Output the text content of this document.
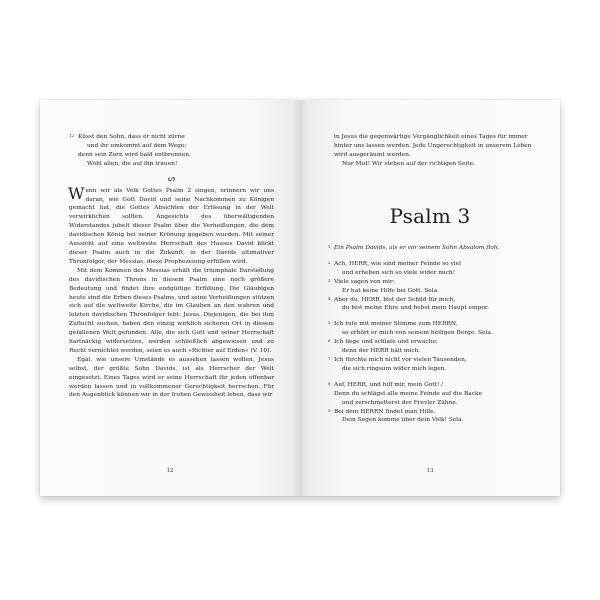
12 Küsst den Sohn, dass er nicht zürne
und ihr umkommt auf dem Wege;
denn sein Zorn wird bald entbrennen.
Wohl allen, die auf ihn trauen!
ᔕ

Wenn wir als Volk Gottes Psalm 2 singen, erinnern wir uns daran, wie Gott David und seine Nachkommen zu Königen gemacht hat, die Gottes Absichten der Erlösung in der Welt verwirklichen sollten. Angesichts des überwältigenden Widerstandes jubelt dieser Psalm über die Verheißungen, die dem davidischen König bei seiner Krönung gegeben wurden. Mit seiner Aussicht auf eine weltweite Herrschaft des Hauses David blickt dieser Psalm auch in die Zukunft, in der Davids ultimativer Thronfolger, der Messias, diese Prophezeiung erfüllen wird.

Mit dem Kommen des Messias erhält die triumphale Darstellung des davidischen Throns in diesem Psalm eine noch größere Bedeutung und findet ihre endgültige Erfüllung. Die Gläubigen heute sind die Erben dieses Psalms, und seine Verheißungen stützen sich auf die weltweite Kirche, die im Glauben an den wahren und letzten davidischen Thronfolger lebt: Jesus. Diejenigen, die bei ihm Zuflucht suchen, haben den einzig wirklich sicheren Ort in diesem gefallenen Welt gefunden. Alle, die sich Gott und seiner Herrschaft hartnäckig widersetzen, werden schließlich abgewiesen und zu Recht vernichtet werden, seien es auch »Richter auf Erden« (V. 10).

Egal, wie unsere Umstände es aussehen lassen wollen, Jesus selbst, der größte Sohn Davids, ist als Herrscher der Welt eingesetzt. Eines Tages wird er seine Herrschaft für jeden offenbar werden lassen und in vollkommener Gerechtigkeit herrschen. Für den Augenblick können wir in der frohen Gewissheit leben, dass wir

12
in Jesus die gegenwärtige Vergänglichkeit eines Tages für immer
hinter uns lassen werden. Jede Ungerechtigkeit in unserem Leben
wird ausgeräumt werden.
Nur Mut! Wir stehen auf der richtigen Seite.
Psalm 3
1 Ein Psalm Davids, als er vor seinem Sohn Absalom floh.
2 Ach, HERR, wie sind meiner Feinde so viel
und erheben sich so viele wider mich!
3 Viele sagen von mir:
Er hat keine Hilfe bei Gott. Sela.
4 Aber du, HERR, bist der Schild für mich,
du bist meine Ehre und hebst mein Haupt empor.
5 Ich rufe mit meiner Stimme zum HERRN,
so erhört er mich von seinem heiligen Berge. Sela.
6 Ich liege und schlafe und erwache;
denn der HERR hält mich.
7 Ich fürchte mich nicht vor vielen Tausenden,
die sich ringsum wider mich legen.
8 Auf, HERR, und hilf mir, mein Gott! /
Denn du schlägst alle meine Feinde auf die Backe
und zerschmetterst der Frevler Zähne.
9 Bei dem HERRN findet man Hilfe.
Dein Segen komme über dein Volk! Sela.
13
